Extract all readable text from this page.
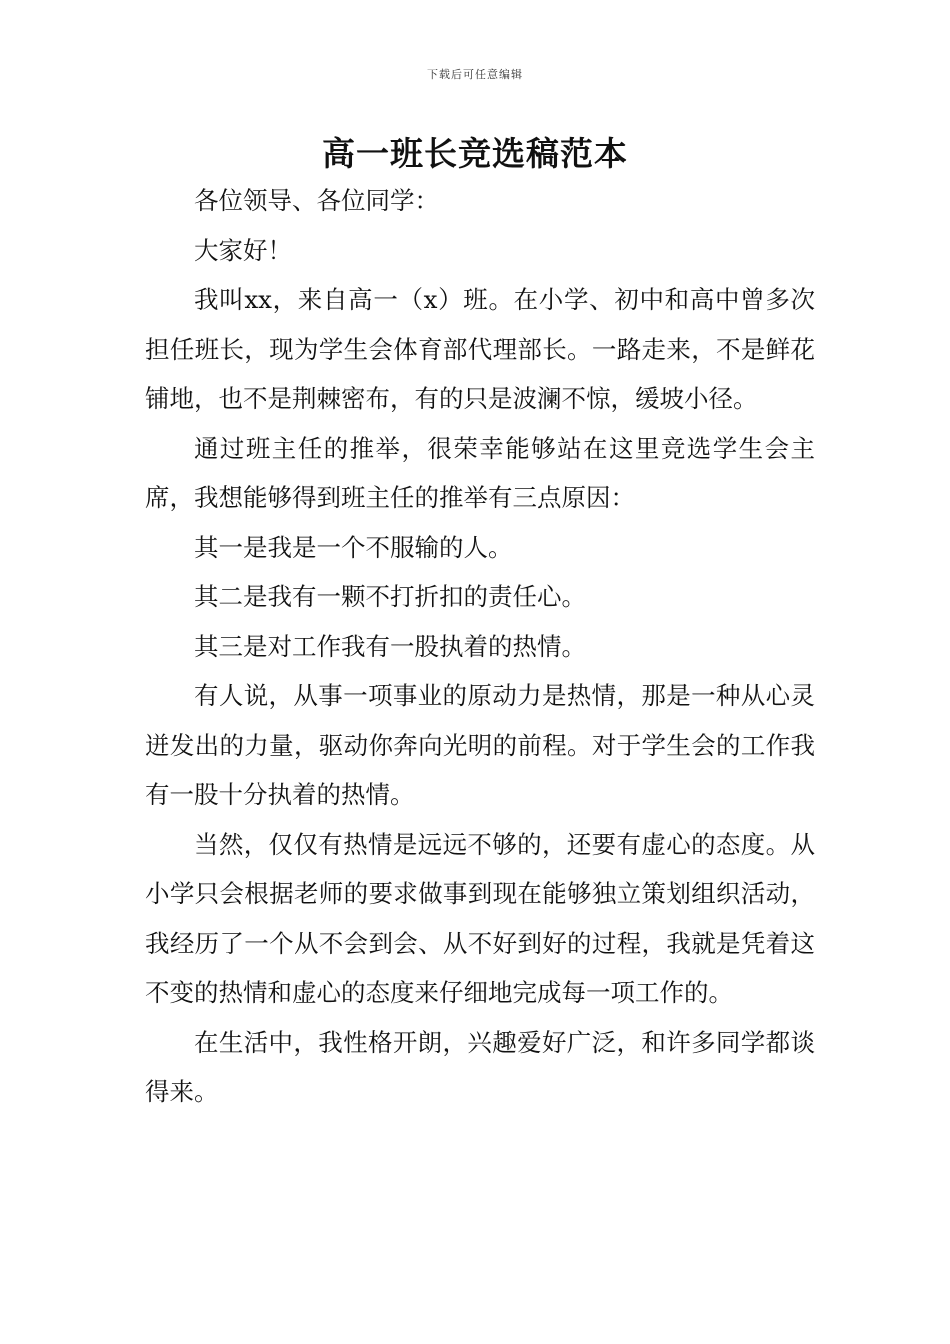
下载后可任意编辑
高一班长竞选稿范本

各位领导、各位同学：

大家好！

我叫xx，来自高一（x）班。在小学、初中和高中曾多次担任班长，现为学生会体育部代理部长。一路走来，不是鲜花铺地，也不是荆棘密布，有的只是波澜不惊，缓坡小径。

通过班主任的推举，很荣幸能够站在这里竞选学生会主席，我想能够得到班主任的推举有三点原因：

其一是我是一个不服输的人。

其二是我有一颗不打折扣的责任心。

其三是对工作我有一股执着的热情。

有人说，从事一项事业的原动力是热情，那是一种从心灵迸发出的力量，驱动你奔向光明的前程。对于学生会的工作我有一股十分执着的热情。

当然，仅仅有热情是远远不够的，还要有虚心的态度。从小学只会根据老师的要求做事到现在能够独立策划组织活动，我经历了一个从不会到会、从不好到好的过程，我就是凭着这不变的热情和虚心的态度来仔细地完成每一项工作的。

在生活中，我性格开朗，兴趣爱好广泛，和许多同学都谈得来。
